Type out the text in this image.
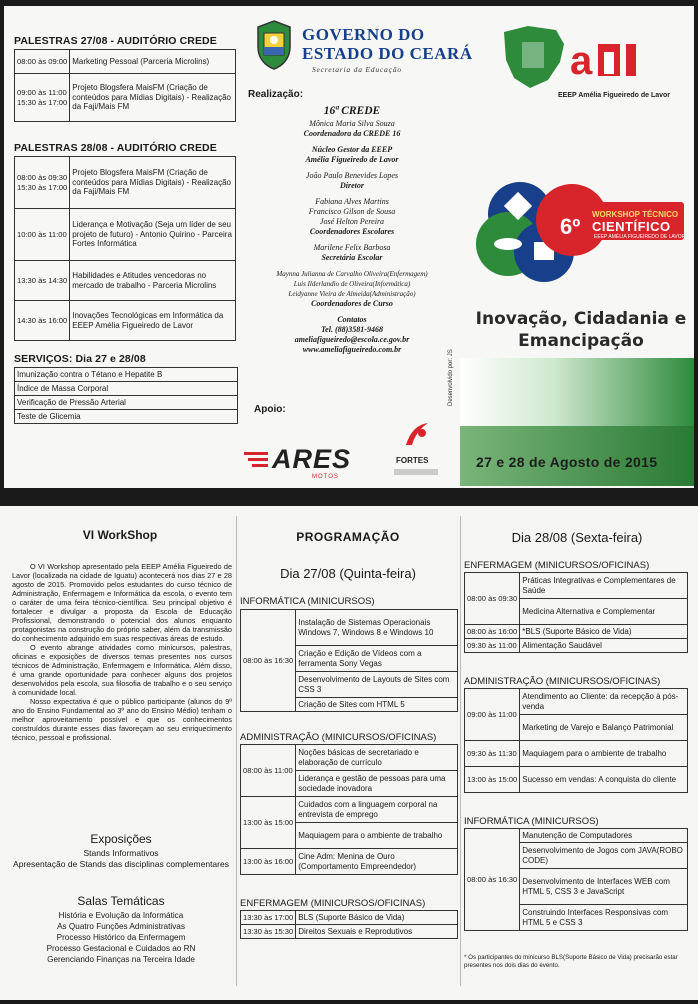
PALESTRAS 27/08 - AUDITÓRIO CREDE
08:00 às 09:00	Marketing Pessoal (Parceria Microlins)
09:00 às 11:00
15:30 às 17:00	Projeto Blogsfera MaisFM (Criação de conteúdos para Mídias Digitais) - Realização da Faji/Mais FM
PALESTRAS 28/08 - AUDITÓRIO CREDE
08:00 às 09:30
15:30 às 17:00	Projeto Blogsfera MaisFM (Criação de conteúdos para Mídias Digitais) - Realização da Faji/Mais FM
10:00 às 11:00	Liderança e Motivação (Seja um líder de seu projeto de futuro) - Antonio Quirino - Parceira Fortes Informática
13:30 às 14:30	Habilidades e Atitudes vencedoras no mercado de trabalho - Parceria Microlins
14:30 às 16:00	Inovações Tecnológicas em Informática da EEEP Amélia Figueiredo de Lavor
SERVIÇOS: Dia 27 e 28/08
Imunização contra o Tétano e Hepatite B
Índice de Massa Corporal
Verificação de Pressão Arterial
Teste de Glicemia
GOVERNO DO
ESTADO DO CEARÁ
Secretaria da Educação
Realização:
16ª CREDE
Mônica Maria Silva Souza
Coordenadora da CREDE 16
Núcleo Gestor da EEEP
Amélia Figueiredo de Lavor
João Paulo Benevides Lopes
Diretor
Fabiana Alves Martins
Francisco Gilson de Sousa
José Helton Pereira
Coordenadores Escolares
Marilene Felix Barbosa
Secretária Escolar
Maynna Julianna de Carvalho Oliveira(Enfermagem)
Luis Ilderlandio de Oliveira(Informática)
Leidyanne Vieira de Almeida(Administração)
Coordenadores de Curso
Contatos
Tel. (88)3581-9468
ameliafigueiredo@escola.ce.gov.br
www.ameliafigueiredo.com.br
Apoio:
ARES
MOTOS
FORTES
Desenvolvido por: JS
a
EEEP Amélia Figueiredo de Lavor
6º WORKSHOP TÉCNICO
CIENTÍFICO
EEEP AMÉLIA FIGUEIREDO DE LAVOR
Inovação, Cidadania e
Emancipação
27 e 28 de Agosto de 2015
VI WorkShop
O VI Workshop apresentado pela EEEP Amélia Figueiredo de Lavor (localizada na cidade de Iguatu) acontecerá nos dias 27 e 28 agosto de 2015. Promovido pelos estudantes do curso técnico de Administração, Enfermagem e Informática da escola, o evento tem o caráter de uma feira técnico-científica. Seu principal objetivo é fortalecer e divulgar a proposta da Escola de Educação Profissional, demonstrando o potencial dos alunos enquanto protagonistas na construção do próprio saber, além da transmissão do conhecimento adquirido em suas respectivas áreas de estudo.
O evento abrange atividades como minicursos, palestras, oficinas e exposições de diversos temas presentes nos cursos técnicos de Administração, Enfermagem e Informática. Além disso, é uma grande oportunidade para conhecer alguns dos projetos desenvolvidos pela escola, sua filosofia de trabalho e o seu serviço à comunidade local.
Nosso expectativa é que o público participante (alunos do 9º ano do Ensino Fundamental ao 3º ano do Ensino Médio) tenham o melhor aproveitamento possível e que os conhecimentos construídos durante esses dias favoreçam ao seu enriquecimento técnico, pessoal e profissional.
Exposições
Stands Informativos
Apresentação de Stands das disciplinas complementares
Salas Temáticas
História e Evolução da Informática
As Quatro Funções Administrativas
Processo Histórico da Enfermagem
Processo Gestacional e Cuidados ao RN
Gerenciando Finanças na Terceira Idade
PROGRAMAÇÃO
Dia 27/08 (Quinta-feira)
INFORMÁTICA (MINICURSOS)
08:00 às 16:30	Instalação de Sistemas Operacionais Windows 7, Windows 8 e Windows 10
Criação e Edição de Vídeos com a ferramenta Sony Vegas
Desenvolvimento de Layouts de Sites com CSS 3
Criação de Sites com HTML 5
ADMINISTRAÇÃO (MINICURSOS/OFICINAS)
08:00 às 11:00	Noções básicas de secretariado e elaboração de currículo
	Liderança e gestão de pessoas para uma sociedade inovadora
13:00 às 15:00	Cuidados com a linguagem corporal na entrevista de emprego
	Maquiagem para o ambiente de trabalho
13:00 às 16:00	Cine Adm: Menina de Ouro (Comportamento Empreendedor)
ENFERMAGEM (MINICURSOS/OFICINAS)
13:30 às 17:00	BLS (Suporte Básico de Vida)
13:30 às 15:30	Direitos Sexuais e Reprodutivos
Dia 28/08 (Sexta-feira)
ENFERMAGEM (MINICURSOS/OFICINAS)
08:00 às 09:30	Práticas Integrativas e Complementares de Saúde
	Medicina Alternativa e Complementar
08:00 às 16:00	*BLS (Suporte Básico de Vida)
09:30 às 11:00	Alimentação Saudável
ADMINISTRAÇÃO (MINICURSOS/OFICINAS)
09:00 às 11:00	Atendimento ao Cliente: da recepção à pós-venda
	Marketing de Varejo e Balanço Patrimonial
09:30 às 11:30	Maquiagem para o ambiente de trabalho
13:00 às 15:00	Sucesso em vendas: A conquista do cliente
INFORMÁTICA (MINICURSOS)
08:00 às 16:30	Manutenção de Computadores
Desenvolvimento de Jogos com JAVA(ROBO CODE)
Desenvolvimento de Interfaces WEB com HTML 5, CSS 3 e JavaScript
Construindo Interfaces Responsivas com HTML 5 e CSS 3
* Os participantes do minicurso BLS(Suporte Básico de Vida) precisarão estar presentes nos dois dias do evento.
